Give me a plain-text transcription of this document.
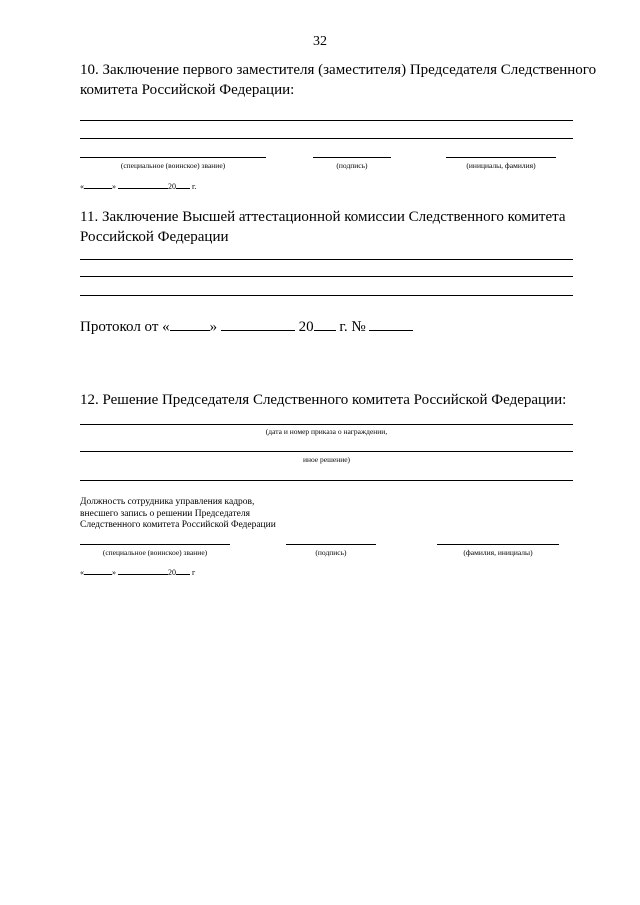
32
10. Заключение первого заместителя (заместителя) Председателя Следственного
комитета Российской Федерации:
(специальное (воинское) звание)	(подпись)	(инициалы, фамилия)
«	»	20 г.
11. Заключение Высшей аттестационной комиссии Следственного комитета
Российской Федерации
Протокол от «	»	20 г. №
12. Решение Председателя Следственного комитета Российской Федерации:
(дата и номер приказа о награждении,
иное решение)
Должность сотрудника управления кадров,
внесшего запись о решении Председателя
Следственного комитета Российской Федерации
(специальное (воинское) звание)	(подпись)	(фамилия, инициалы)
«	»	20 г
